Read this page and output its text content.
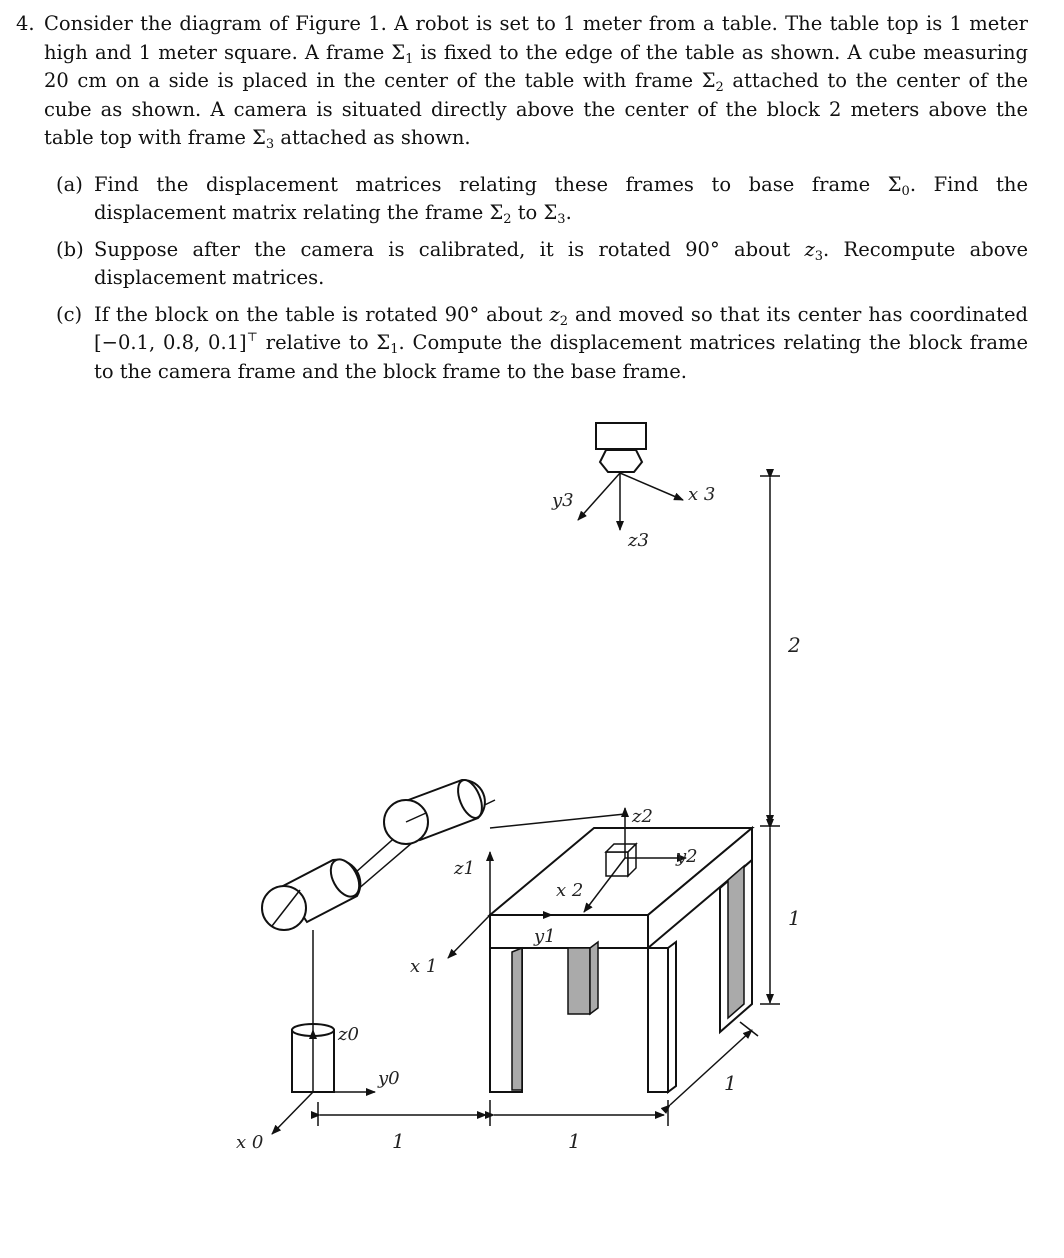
4. Consider the diagram of Figure 1. A robot is set to 1 meter from a table. The table top is 1 meter high and 1 meter square. A frame $\Sigma_1$ is fixed to the edge of the table as shown. A cube measuring 20 cm on a side is placed in the center of the table with frame $\Sigma_2$ attached to the center of the cube as shown. A camera is situated directly above the center of the block 2 meters above the table top with frame $\Sigma_3$ attached as shown.
(a) Find the displacement matrices relating these frames to base frame $\Sigma_0$. Find the displacement matrix relating the frame $\Sigma_2$ to $\Sigma_3$.
(b) Suppose after the camera is calibrated, it is rotated 90° about $z_3$. Recompute above displacement matrices.
(c) If the block on the table is rotated 90° about $z_2$ and moved so that its center has coordinated [−0.1, 0.8, 0.1]⊤ relative to $\Sigma_1$. Compute the displacement matrices relating the block frame to the camera frame and the block frame to the base frame.
x 3
y3
z3
2
1
z2
y2
x 2
z1
y1
x 1
z0
y0
x 0	1	1
1
